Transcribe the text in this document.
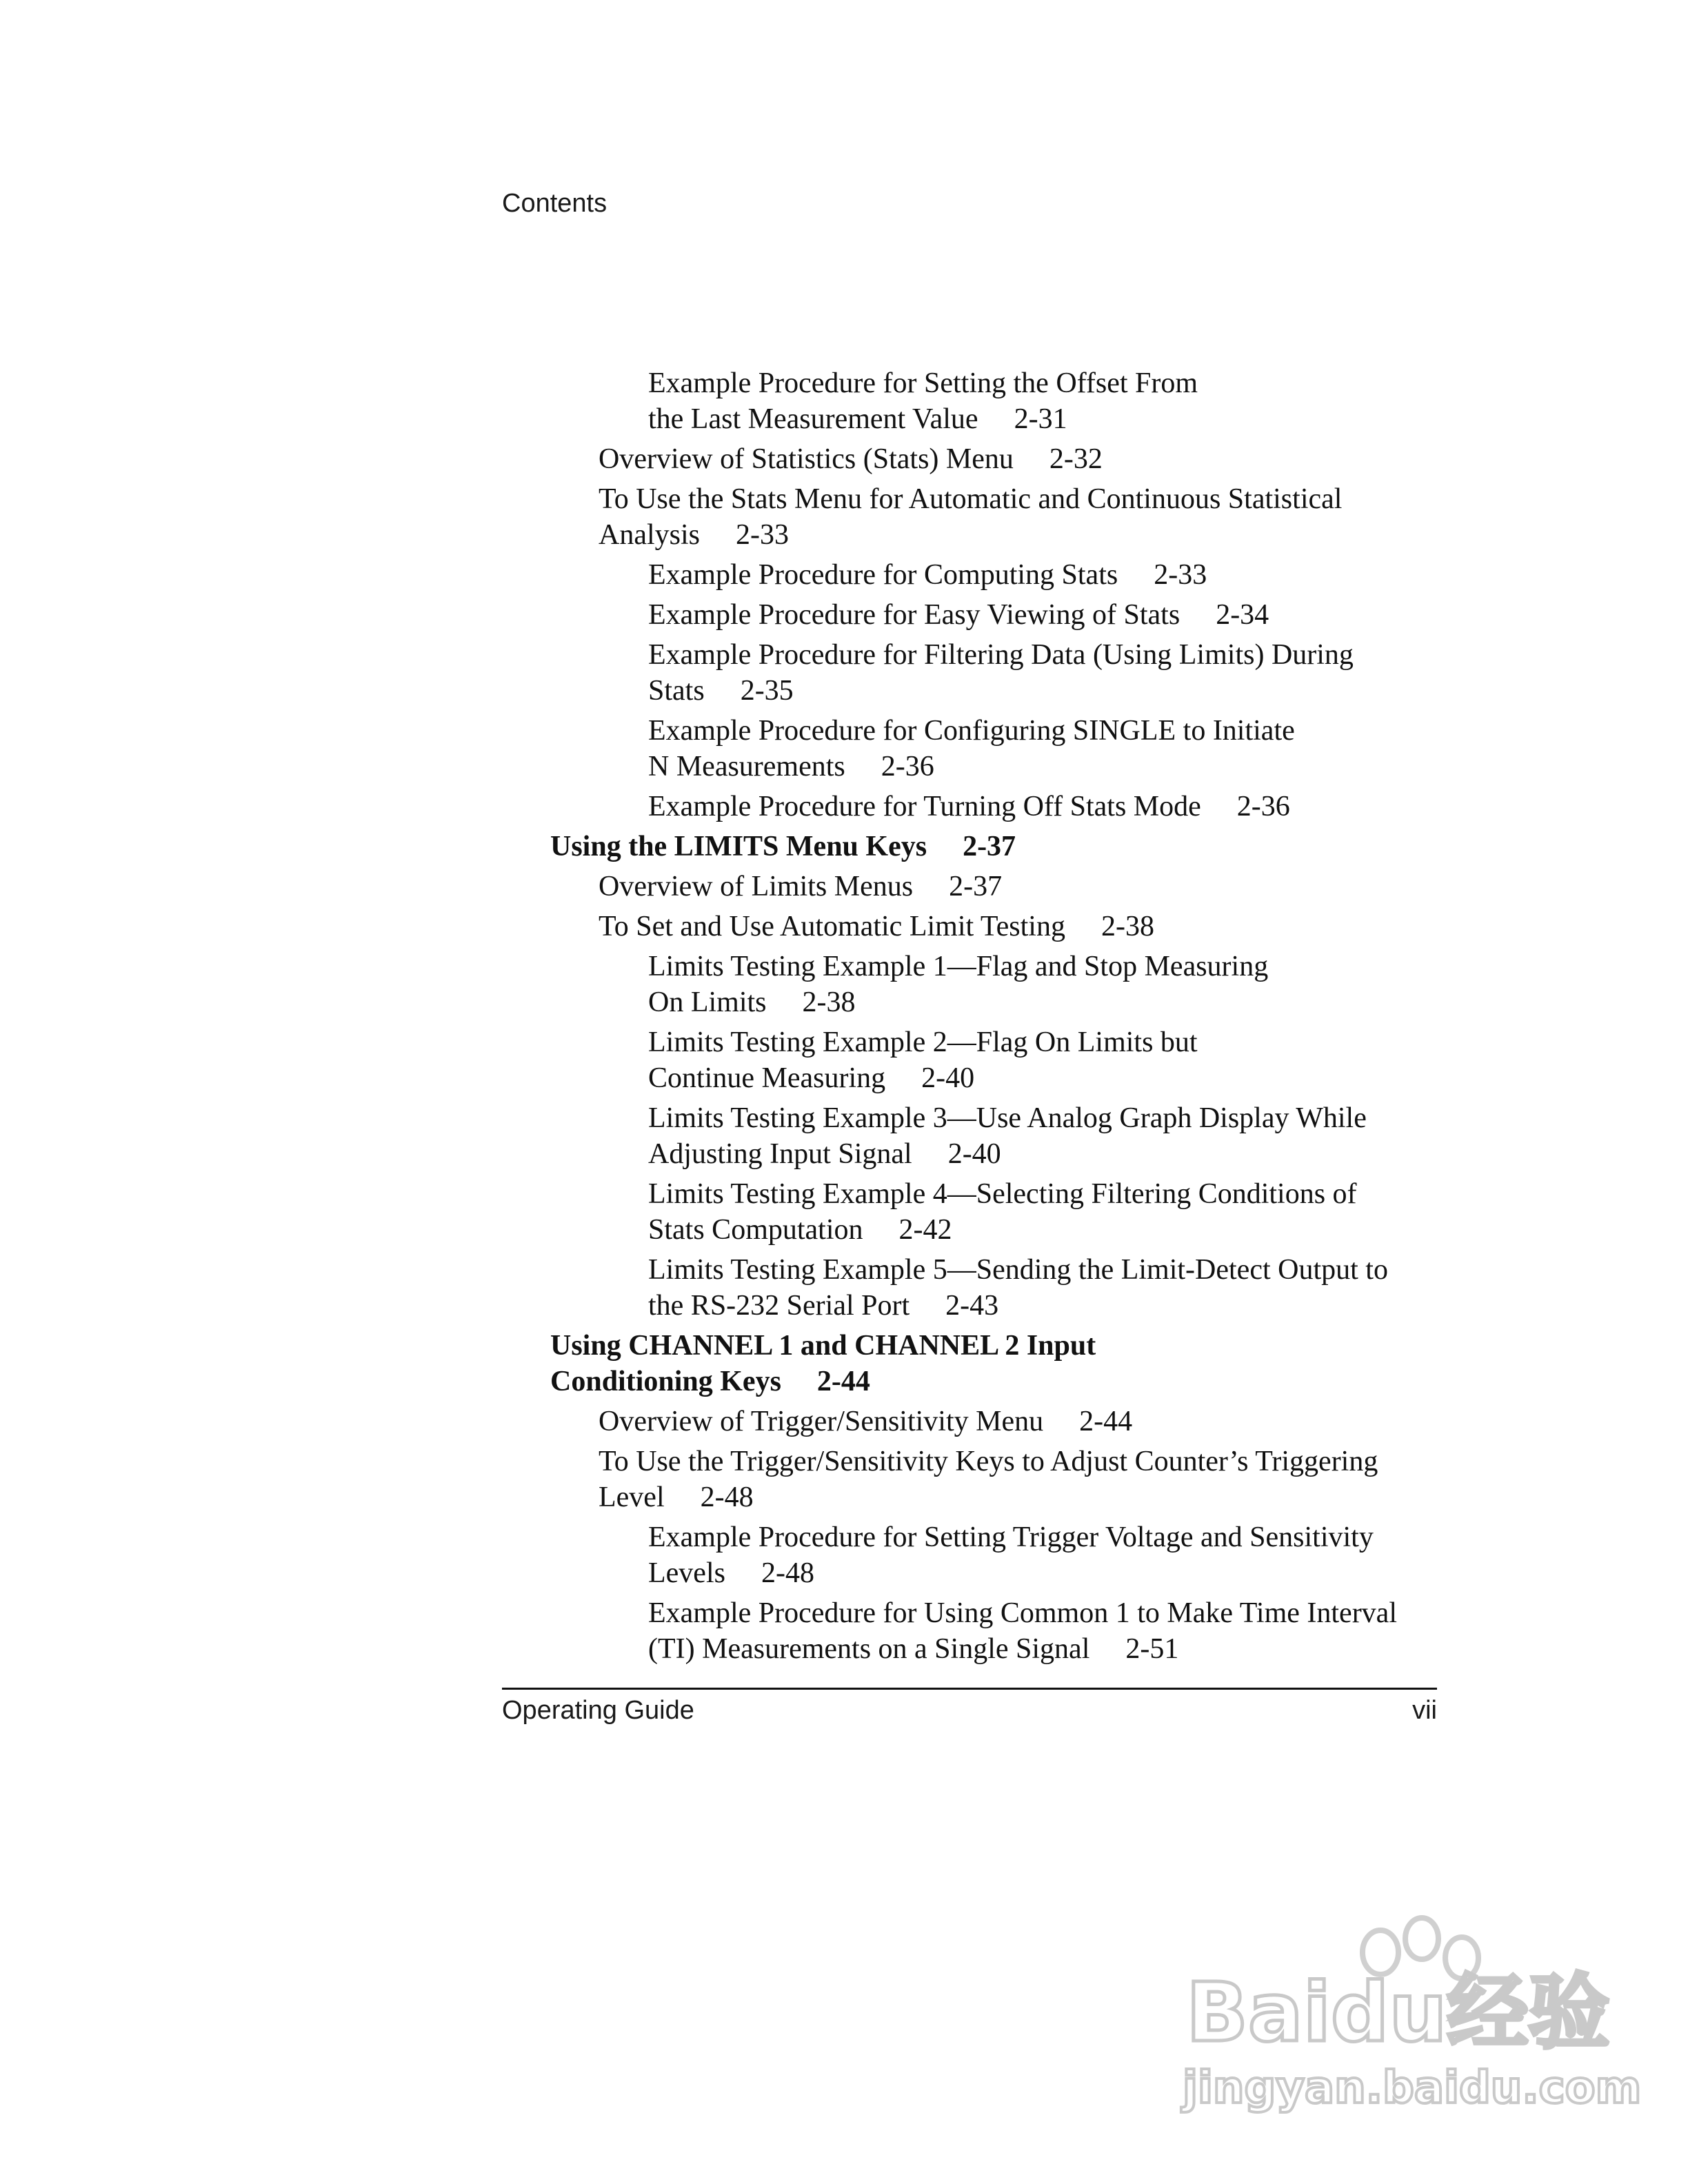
Contents
Example Procedure for Setting the Offset From
the Last Measurement Value 2-31
Overview of Statistics (Stats) Menu 2-32
To Use the Stats Menu for Automatic and Continuous Statistical
Analysis 2-33
Example Procedure for Computing Stats 2-33
Example Procedure for Easy Viewing of Stats 2-34
Example Procedure for Filtering Data (Using Limits) During
Stats 2-35
Example Procedure for Configuring SINGLE to Initiate
N Measurements 2-36
Example Procedure for Turning Off Stats Mode 2-36
Using the LIMITS Menu Keys 2-37
Overview of Limits Menus 2-37
To Set and Use Automatic Limit Testing 2-38
Limits Testing Example 1—Flag and Stop Measuring
On Limits 2-38
Limits Testing Example 2—Flag On Limits but
Continue Measuring 2-40
Limits Testing Example 3—Use Analog Graph Display While
Adjusting Input Signal 2-40
Limits Testing Example 4—Selecting Filtering Conditions of
Stats Computation 2-42
Limits Testing Example 5—Sending the Limit-Detect Output to
the RS-232 Serial Port 2-43
Using CHANNEL 1 and CHANNEL 2 Input
Conditioning Keys 2-44
Overview of Trigger/Sensitivity Menu 2-44
To Use the Trigger/Sensitivity Keys to Adjust Counter’s Triggering
Level 2-48
Example Procedure for Setting Trigger Voltage and Sensitivity
Levels 2-48
Example Procedure for Using Common 1 to Make Time Interval
(TI) Measurements on a Single Signal 2-51
Operating Guide	vii
Baidu经验
jingyan.baidu.com
